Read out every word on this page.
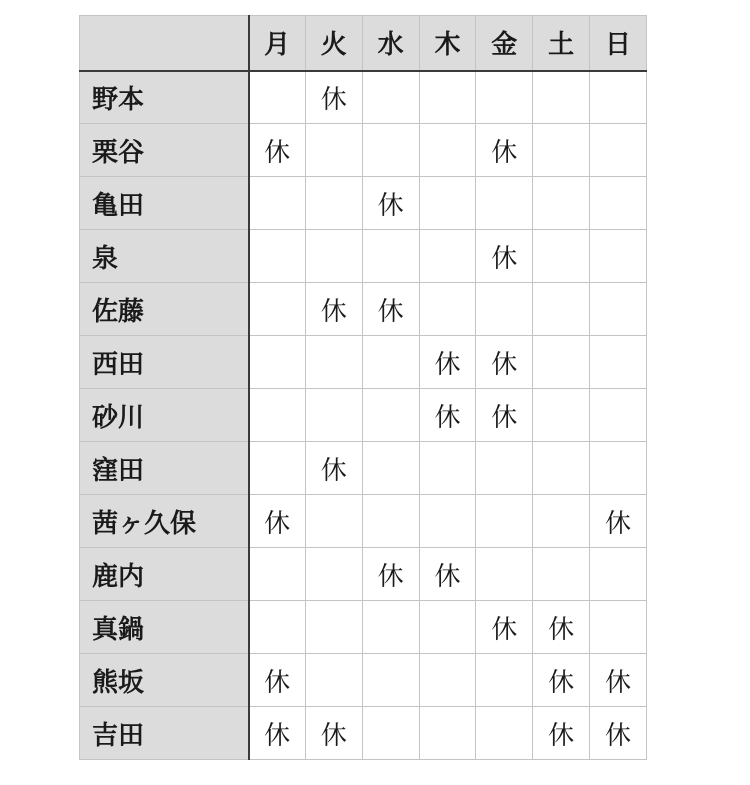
	月	火	水	木	金	土	日
野本		休					
栗谷	休				休		
亀田			休				
泉					休		
佐藤		休	休				
西田				休	休		
砂川				休	休		
窪田		休					
茜ヶ久保	休						休
鹿内			休	休			
真鍋					休	休	
熊坂	休					休	休
吉田	休	休				休	休
